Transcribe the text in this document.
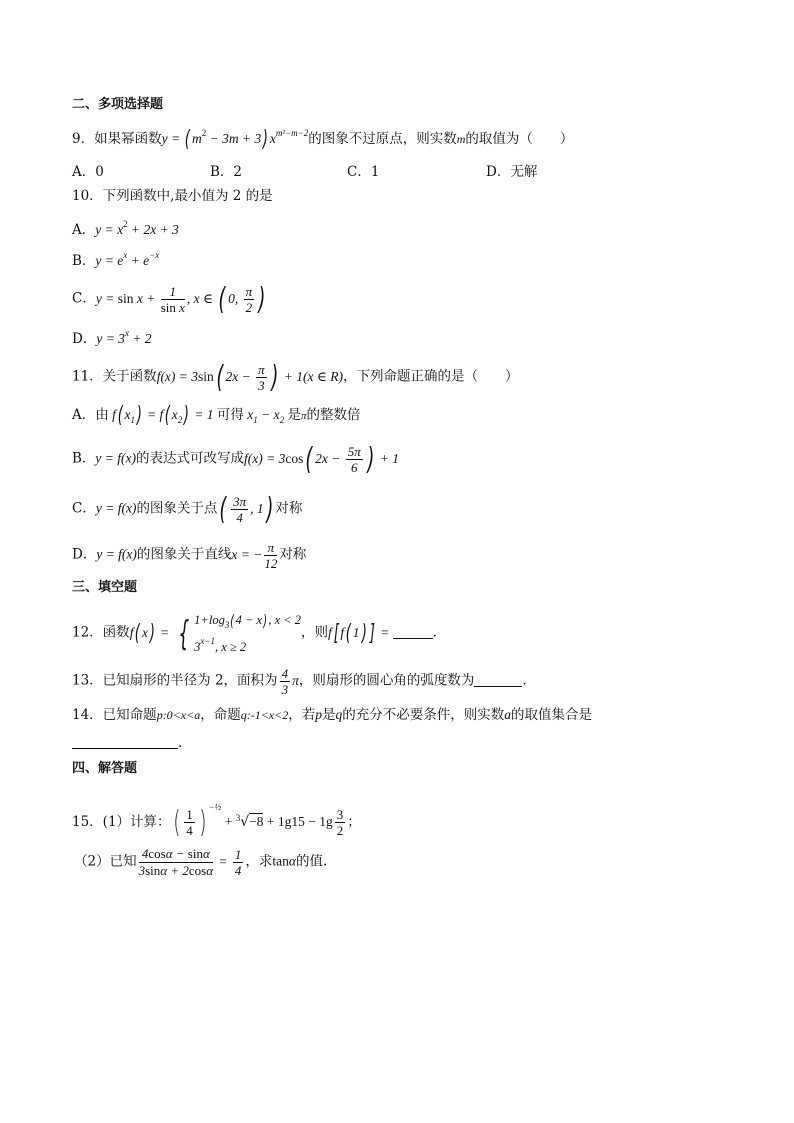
二、多项选择题
9．如果幂函数y = ( $m^2 - 3m + 3$) $x^{m^2-m-2}$的图象不过原点，则实数m的取值为（　　）
A．0	B．2	C．1	D．无解
10．下列函数中,最小值为 2 的是
A．$y = x^2 + 2x + 3$
B．$y = e^x + e^{-x}$
C．$y = \sin x + \frac{1}{\text{sin x}}$ , x ∈ ( 0, $\frac{\pi}{2}$ )
D．$y = 3^x + 2$
11．关于函数f(x) = 3sin( $2x - \frac{\pi}{3}$ ) + 1(x ∈ R)，下列命题正确的是（　　）
A．由 f( $x_1) = f$( $x_2) = 1$ 可得 $x_1 - x_2$ 是π的整数倍
B．y = f(x)的表达式可改写成f(x) = 3cos( $2x - \frac{5\pi}{6}$ ) + 1
C．y = f(x)的图象关于点( $\frac{3\pi}{4}$ , 1) 对称
D．y = f(x)的图象关于直线x = − $\frac{\pi}{12}$ 对称
三、填空题
12．函数f( x) = { $1+\log_3(4 - x)$, x < 2
$3^{x-1}$, x ≥ 2
，则f[ f( 1) ] =	.
13．已知扇形的半径为 2，面积为 $\frac{4}{3}$ π，则扇形的圆心角的弧度数为	.
14．已知命题p:0<x<a，命题q:-1<x<2，若p是q的充分不必要条件，则实数a的取值集合是
.
四、解答题
15．(1）计算：( $\frac{1}{4}$ ) $^{-\frac{1}{2}} + ^3√-8 + 1g15 - 1g \frac{3}{2}$ ；
（2）已知 $\frac{4\cos\alpha - \sin\alpha}{3\sin\alpha + 2\cos\alpha} = \frac{1}{4}$ ，求tanα的值.
